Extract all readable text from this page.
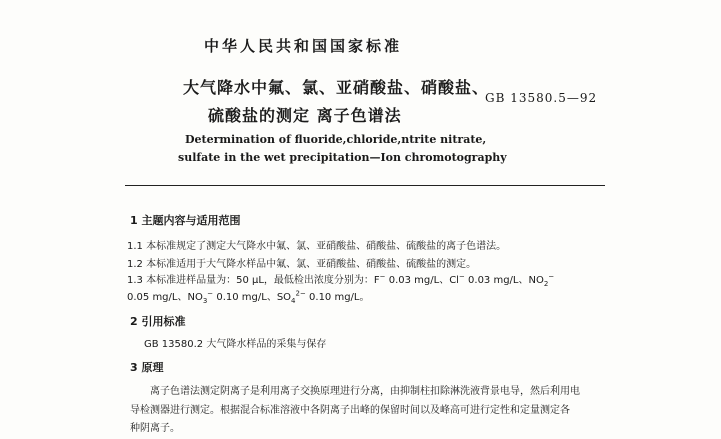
中华人民共和国国家标准
大气降水中氟、氯、亚硝酸盐、硝酸盐、
硫酸盐的测定 离子色谱法
GB 13580.5—92
Determination of fluoride,chloride,ntrite nitrate,
sulfate in the wet precipitation—Ion chromotography
1 主题内容与适用范围
1.1 本标准规定了测定大气降水中氟、氯、亚硝酸盐、硝酸盐、硫酸盐的离子色谱法。
1.2 本标准适用于大气降水样品中氟、氯、亚硝酸盐、硝酸盐、硫酸盐的测定。
1.3 本标准进样品量为：50 μL，最低检出浓度分别为：F− 0.03 mg/L、Cl− 0.03 mg/L、$NO_2^-$
0.05 mg/L、$NO_3^-$ 0.10 mg/L、$SO_4^{2-}$ 0.10 mg/L。
2 引用标准
GB 13580.2 大气降水样品的采集与保存
3 原理
离子色谱法测定阴离子是利用离子交换原理进行分离，由抑制柱扣除淋洗液背景电导，然后利用电
导检测器进行测定。根据混合标准溶液中各阴离子出峰的保留时间以及峰高可进行定性和定量测定各
种阴离子。
